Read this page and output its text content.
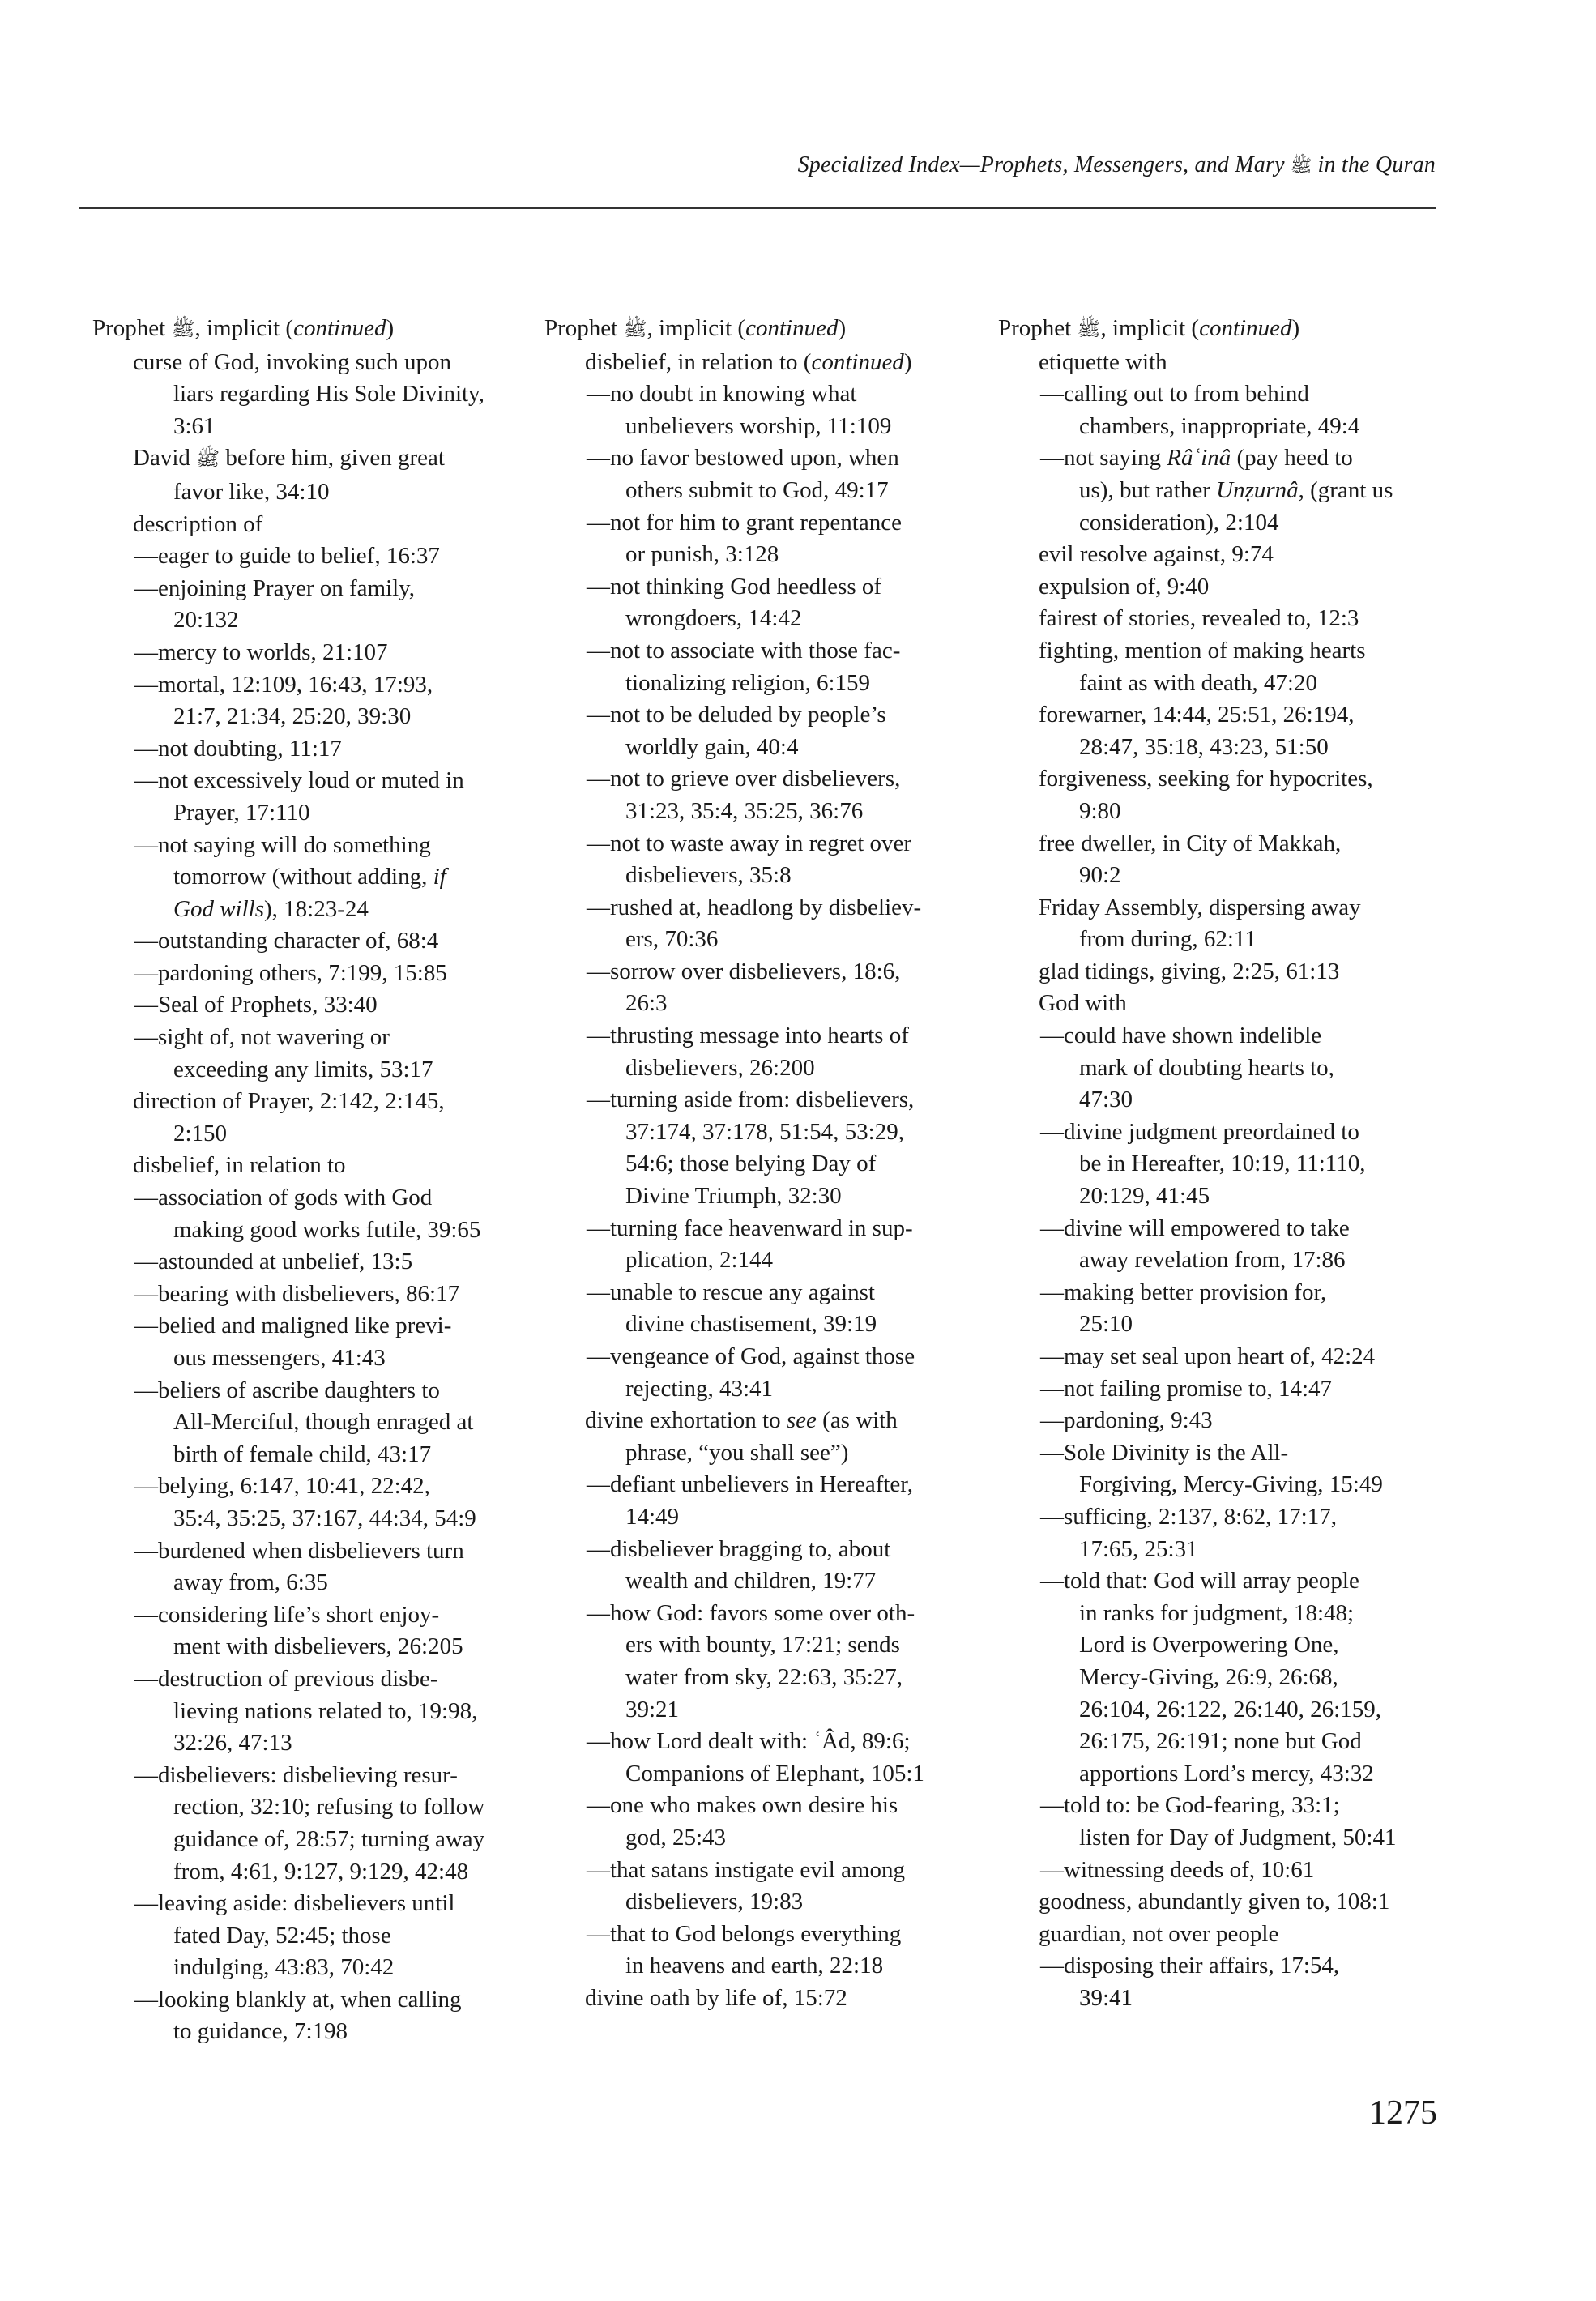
Specialized Index—Prophets, Messengers, and Mary ﷺ in the Quran
Prophet ﷺ, implicit (continued)
curse of God, invoking such upon
liars regarding His Sole Divinity,
3:61
David ﷺ before him, given great
favor like, 34:10
description of
—eager to guide to belief, 16:37
—enjoining Prayer on family,
20:132
—mercy to worlds, 21:107
—mortal, 12:109, 16:43, 17:93,
21:7, 21:34, 25:20, 39:30
—not doubting, 11:17
—not excessively loud or muted in
Prayer, 17:110
—not saying will do something
tomorrow (without adding, if
God wills), 18:23-24
—outstanding character of, 68:4
—pardoning others, 7:199, 15:85
—Seal of Prophets, 33:40
—sight of, not wavering or
exceeding any limits, 53:17
direction of Prayer, 2:142, 2:145,
2:150
disbelief, in relation to
—association of gods with God
making good works futile, 39:65
—astounded at unbelief, 13:5
—bearing with disbelievers, 86:17
—belied and maligned like previ-
ous messengers, 41:43
—beliers of ascribe daughters to
All-Merciful, though enraged at
birth of female child, 43:17
—belying, 6:147, 10:41, 22:42,
35:4, 35:25, 37:167, 44:34, 54:9
—burdened when disbelievers turn
away from, 6:35
—considering life’s short enjoy-
ment with disbelievers, 26:205
—destruction of previous disbe-
lieving nations related to, 19:98,
32:26, 47:13
—disbelievers: disbelieving resur-
rection, 32:10; refusing to follow
guidance of, 28:57; turning away
from, 4:61, 9:127, 9:129, 42:48
—leaving aside: disbelievers until
fated Day, 52:45; those
indulging, 43:83, 70:42
—looking blankly at, when calling
to guidance, 7:198
Prophet ﷺ, implicit (continued)
disbelief, in relation to (continued)
—no doubt in knowing what
unbelievers worship, 11:109
—no favor bestowed upon, when
others submit to God, 49:17
—not for him to grant repentance
or punish, 3:128
—not thinking God heedless of
wrongdoers, 14:42
—not to associate with those fac-
tionalizing religion, 6:159
—not to be deluded by people’s
worldly gain, 40:4
—not to grieve over disbelievers,
31:23, 35:4, 35:25, 36:76
—not to waste away in regret over
disbelievers, 35:8
—rushed at, headlong by disbeliev-
ers, 70:36
—sorrow over disbelievers, 18:6,
26:3
—thrusting message into hearts of
disbelievers, 26:200
—turning aside from: disbelievers,
37:174, 37:178, 51:54, 53:29,
54:6; those belying Day of
Divine Triumph, 32:30
—turning face heavenward in sup-
plication, 2:144
—unable to rescue any against
divine chastisement, 39:19
—vengeance of God, against those
rejecting, 43:41
divine exhortation to see (as with
phrase, “you shall see”)
—defiant unbelievers in Hereafter,
14:49
—disbeliever bragging to, about
wealth and children, 19:77
—how God: favors some over oth-
ers with bounty, 17:21; sends
water from sky, 22:63, 35:27,
39:21
—how Lord dealt with: ʿÂd, 89:6;
Companions of Elephant, 105:1
—one who makes own desire his
god, 25:43
—that satans instigate evil among
disbelievers, 19:83
—that to God belongs everything
in heavens and earth, 22:18
divine oath by life of, 15:72
Prophet ﷺ, implicit (continued)
etiquette with
—calling out to from behind
chambers, inappropriate, 49:4
—not saying Râʿinâ (pay heed to
us), but rather Unẓurnâ, (grant us
consideration), 2:104
evil resolve against, 9:74
expulsion of, 9:40
fairest of stories, revealed to, 12:3
fighting, mention of making hearts
faint as with death, 47:20
forewarner, 14:44, 25:51, 26:194,
28:47, 35:18, 43:23, 51:50
forgiveness, seeking for hypocrites,
9:80
free dweller, in City of Makkah,
90:2
Friday Assembly, dispersing away
from during, 62:11
glad tidings, giving, 2:25, 61:13
God with
—could have shown indelible
mark of doubting hearts to,
47:30
—divine judgment preordained to
be in Hereafter, 10:19, 11:110,
20:129, 41:45
—divine will empowered to take
away revelation from, 17:86
—making better provision for,
25:10
—may set seal upon heart of, 42:24
—not failing promise to, 14:47
—pardoning, 9:43
—Sole Divinity is the All-
Forgiving, Mercy-Giving, 15:49
—sufficing, 2:137, 8:62, 17:17,
17:65, 25:31
—told that: God will array people
in ranks for judgment, 18:48;
Lord is Overpowering One,
Mercy-Giving, 26:9, 26:68,
26:104, 26:122, 26:140, 26:159,
26:175, 26:191; none but God
apportions Lord’s mercy, 43:32
—told to: be God-fearing, 33:1;
listen for Day of Judgment, 50:41
—witnessing deeds of, 10:61
goodness, abundantly given to, 108:1
guardian, not over people
—disposing their affairs, 17:54,
39:41
1275
